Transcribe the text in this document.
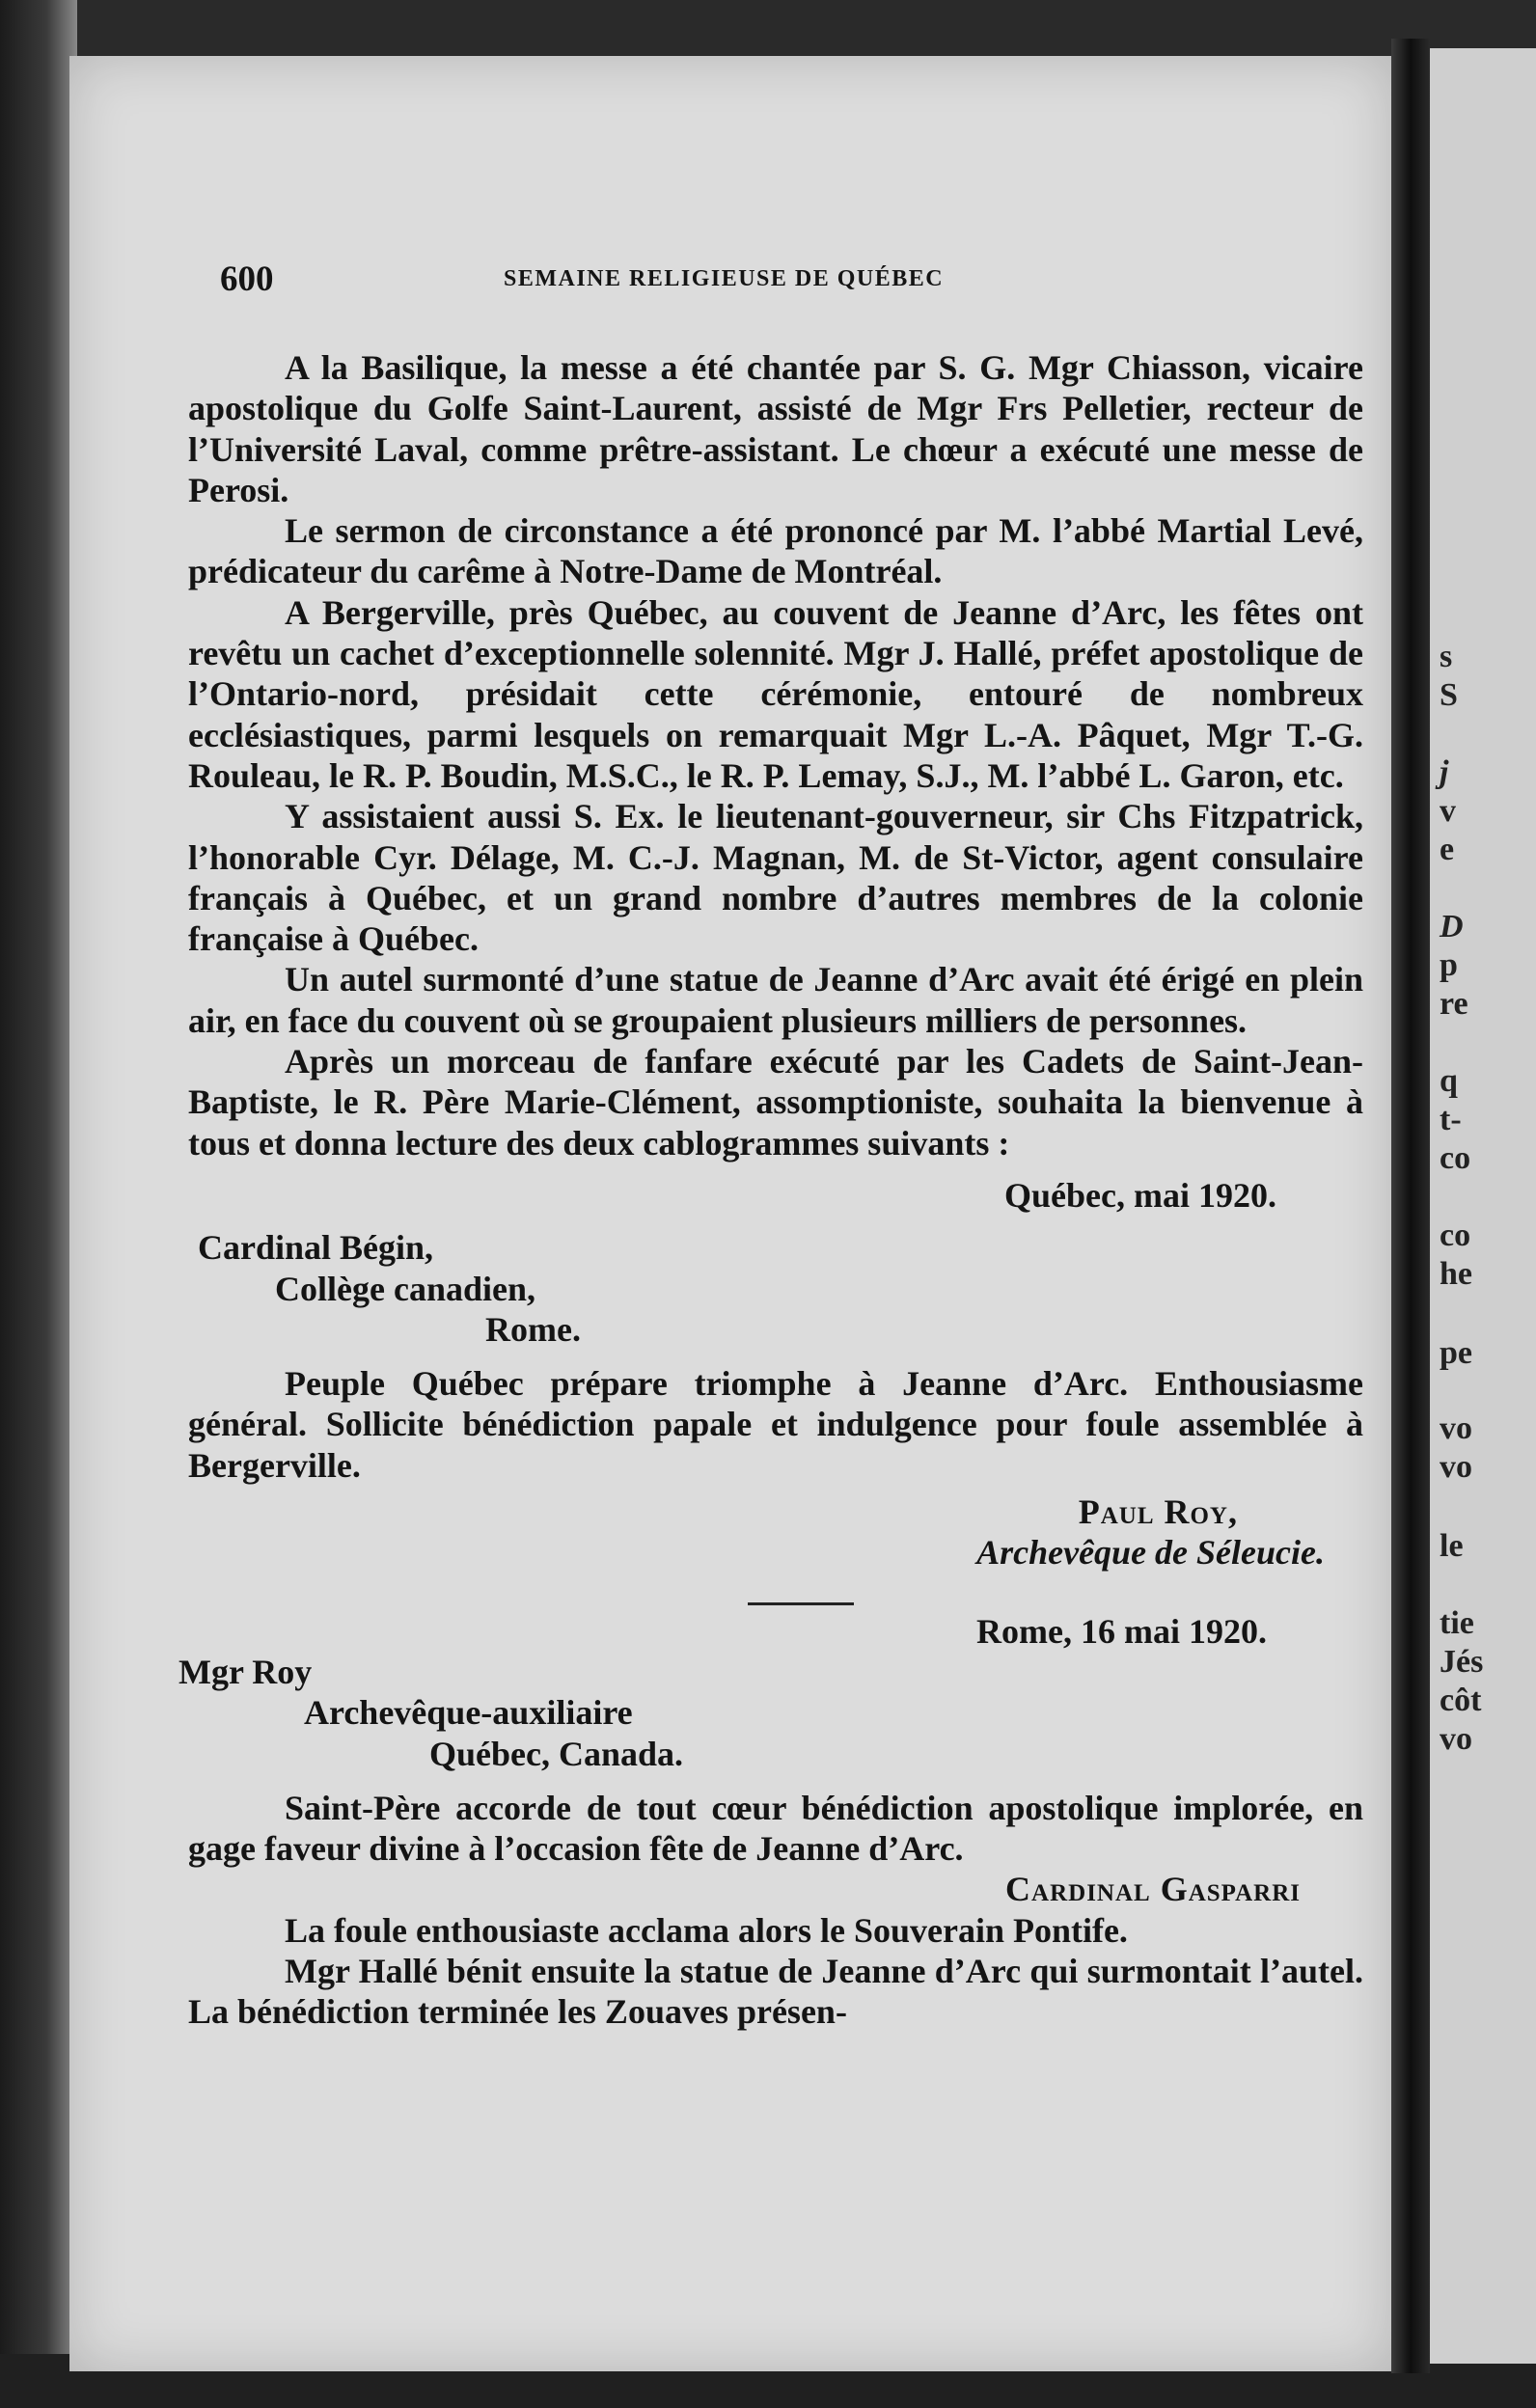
s
S
j
v
e
D
p
re
q
t-
co
co
he
pe
vo
vo
le
tie
Jés
côt
vo
600	SEMAINE RELIGIEUSE DE QUÉBEC

A la Basilique, la messe a été chantée par S. G. Mgr Chiasson, vicaire apostolique du Golfe Saint-Laurent, assisté de Mgr Frs Pelletier, recteur de l’Université Laval, comme prêtre-assistant. Le chœur a exécuté une messe de Perosi.

Le sermon de circonstance a été prononcé par M. l’abbé Martial Levé, prédicateur du carême à Notre-Dame de Montréal.

A Bergerville, près Québec, au couvent de Jeanne d’Arc, les fêtes ont revêtu un cachet d’exceptionnelle solennité. Mgr J. Hallé, préfet apostolique de l’Ontario-nord, présidait cette cérémonie, entouré de nombreux ecclésiastiques, parmi lesquels on remarquait Mgr L.-A. Pâquet, Mgr T.-G. Rouleau, le R. P. Boudin, M.S.C., le R. P. Lemay, S.J., M. l’abbé L. Garon, etc.

Y assistaient aussi S. Ex. le lieutenant-gouverneur, sir Chs Fitzpatrick, l’honorable Cyr. Délage, M. C.-J. Magnan, M. de St-Victor, agent consulaire français à Québec, et un grand nombre d’autres membres de la colonie française à Québec.

Un autel surmonté d’une statue de Jeanne d’Arc avait été érigé en plein air, en face du couvent où se groupaient plusieurs milliers de personnes.

Après un morceau de fanfare exécuté par les Cadets de Saint-Jean-Baptiste, le R. Père Marie-Clément, assomptioniste, souhaita la bienvenue à tous et donna lecture des deux cablogrammes suivants :

Québec, mai 1920.

Cardinal Bégin,

Collège canadien,

Rome.

Peuple Québec prépare triomphe à Jeanne d’Arc. Enthousiasme général. Sollicite bénédiction papale et indulgence pour foule assemblée à Bergerville.

Paul Roy,

Archevêque de Séleucie.

Rome, 16 mai 1920.

Mgr Roy

Archevêque-auxiliaire

Québec, Canada.

Saint-Père accorde de tout cœur bénédiction apostolique implorée, en gage faveur divine à l’occasion fête de Jeanne d’Arc.

Cardinal Gasparri

La foule enthousiaste acclama alors le Souverain Pontife.

Mgr Hallé bénit ensuite la statue de Jeanne d’Arc qui surmontait l’autel. La bénédiction terminée les Zouaves présen-
